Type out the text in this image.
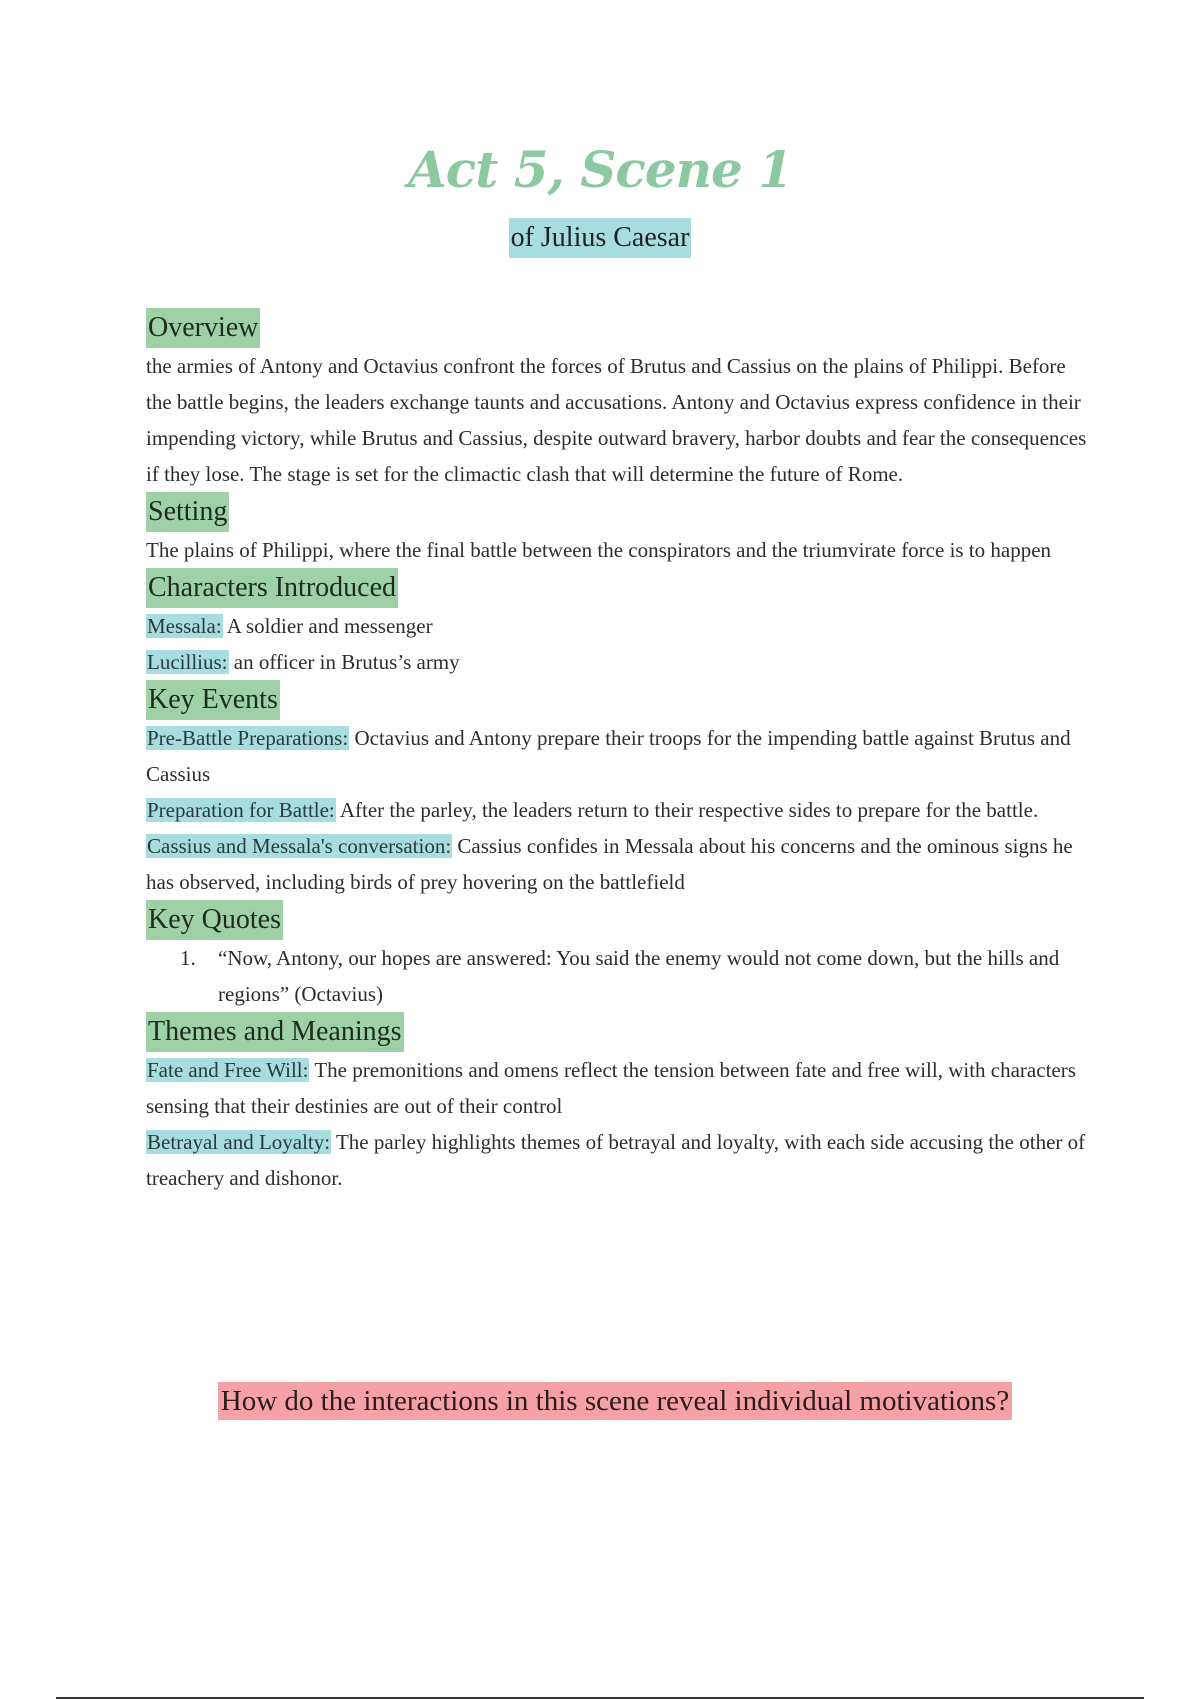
Act 5, Scene 1
of Julius Caesar
Overview

the armies of Antony and Octavius confront the forces of Brutus and Cassius on the plains of Philippi. Before the battle begins, the leaders exchange taunts and accusations. Antony and Octavius express confidence in their impending victory, while Brutus and Cassius, despite outward bravery, harbor doubts and fear the consequences if they lose. The stage is set for the climactic clash that will determine the future of Rome.

Setting

The plains of Philippi, where the final battle between the conspirators and the triumvirate force is to happen

Characters Introduced

Messala: A soldier and messenger

Lucillius: an officer in Brutus’s army

Key Events

Pre-Battle Preparations: Octavius and Antony prepare their troops for the impending battle against Brutus and Cassius

Preparation for Battle: After the parley, the leaders return to their respective sides to prepare for the battle.

Cassius and Messala's conversation: Cassius confides in Messala about his concerns and the ominous signs he has observed, including birds of prey hovering on the battlefield

Key Quotes
1. “Now, Antony, our hopes are answered: You said the enemy would not come down, but the hills and regions” (Octavius)
Themes and Meanings

Fate and Free Will: The premonitions and omens reflect the tension between fate and free will, with characters sensing that their destinies are out of their control

Betrayal and Loyalty: The parley highlights themes of betrayal and loyalty, with each side accusing the other of treachery and dishonor.

How do the interactions in this scene reveal individual motivations?
